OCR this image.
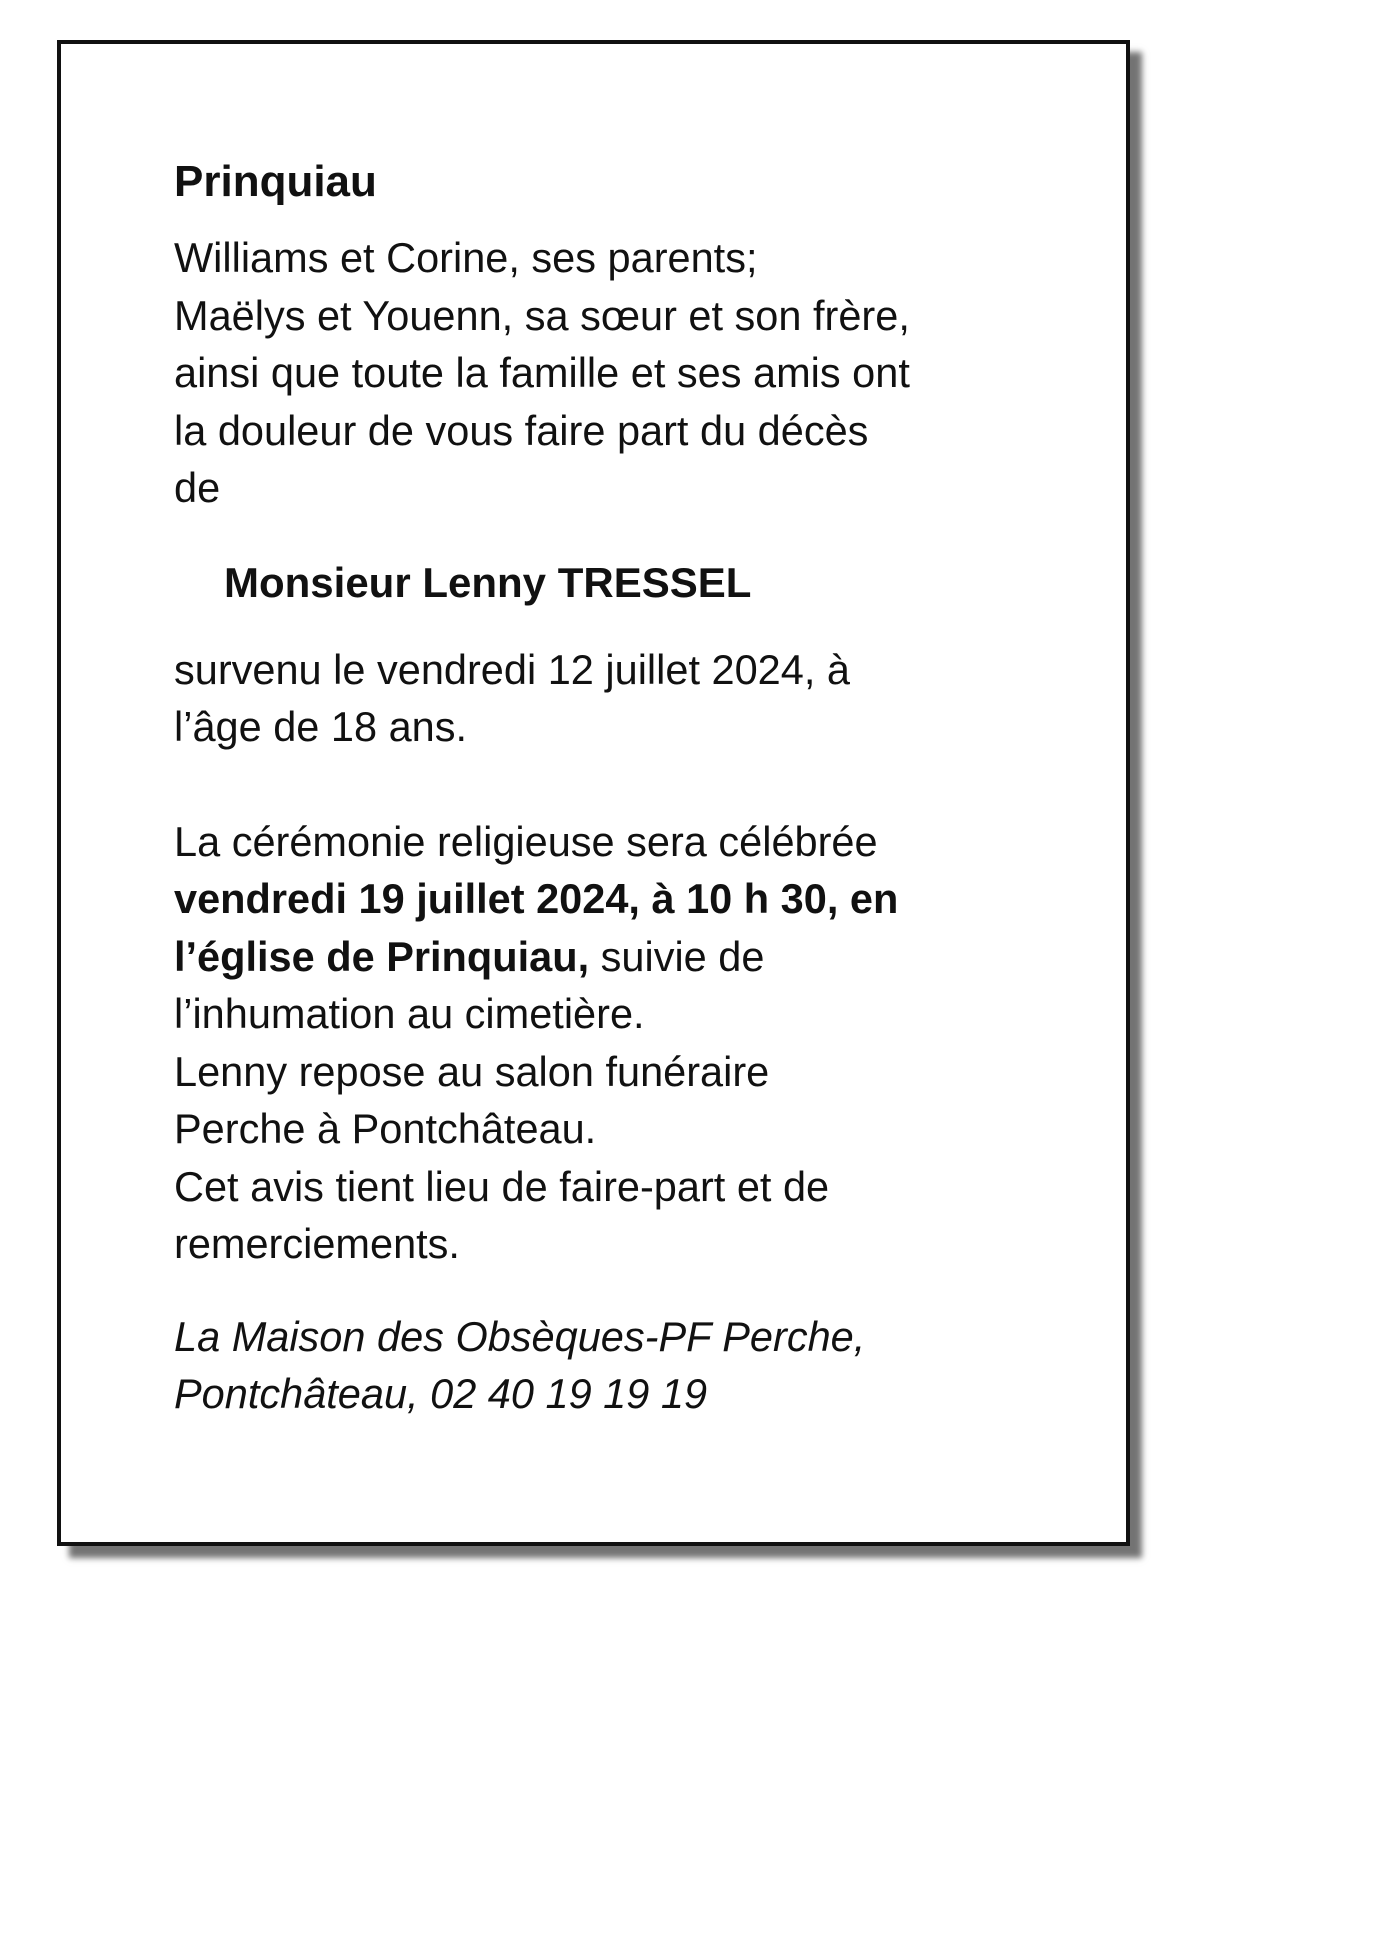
Prinquiau

Williams et Corine, ses parents;
Maëlys et Youenn, sa sœur et son frère,
ainsi que toute la famille et ses amis ont
la douleur de vous faire part du décès
de

Monsieur Lenny TRESSEL

survenu le vendredi 12 juillet 2024, à
l’âge de 18 ans.

La cérémonie religieuse sera célébrée
vendredi 19 juillet 2024, à 10 h 30, en
l’église de Prinquiau, suivie de
l’inhumation au cimetière.
Lenny repose au salon funéraire
Perche à Pontchâteau.
Cet avis tient lieu de faire-part et de
remerciements.

La Maison des Obsèques-PF Perche,
Pontchâteau, 02 40 19 19 19
